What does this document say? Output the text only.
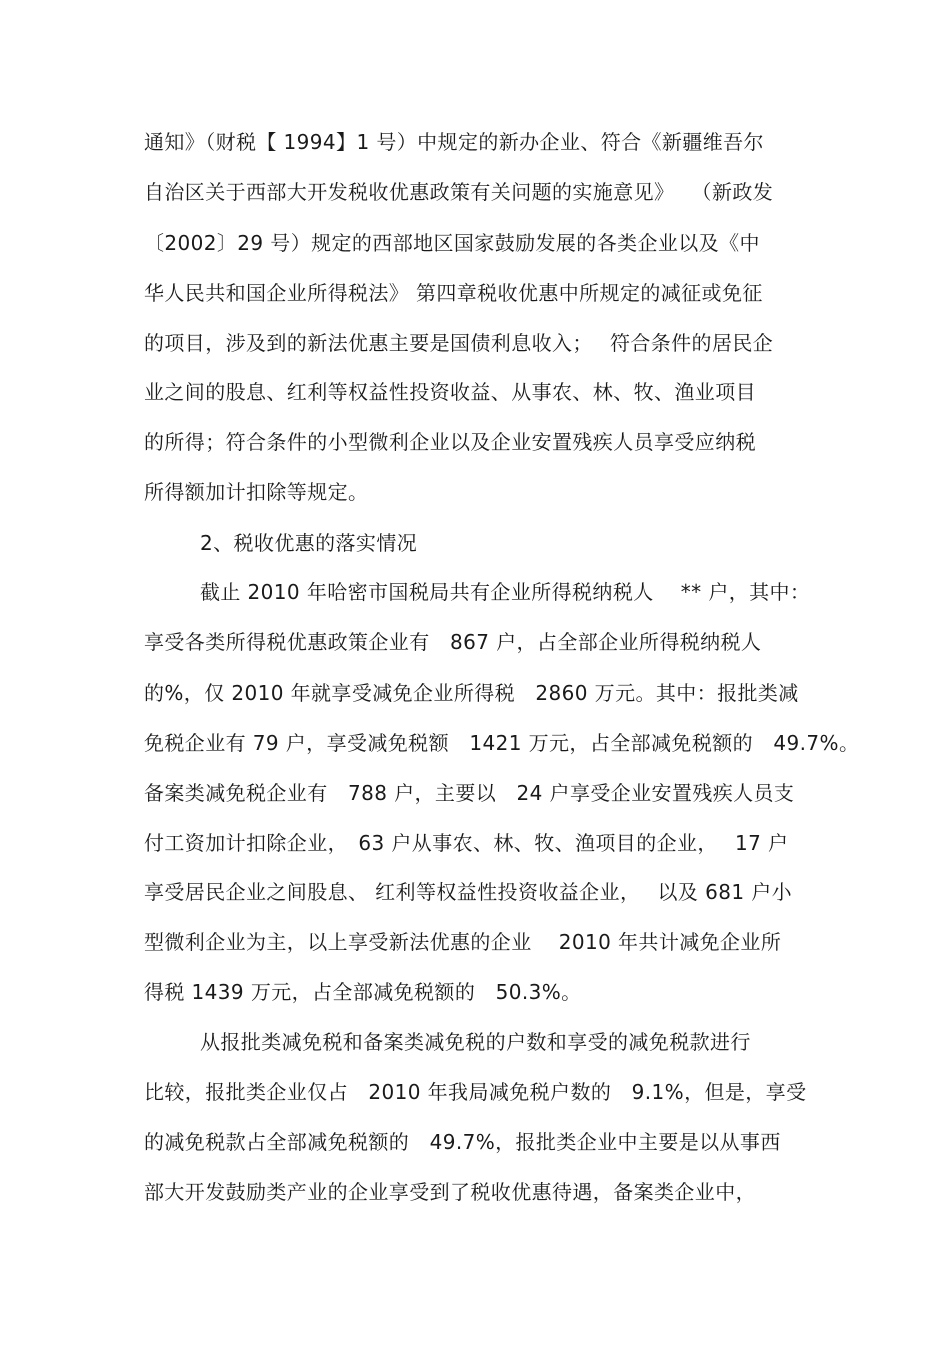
通知》（财税【 1994】1 号）中规定的新办企业、符合《新疆维吾尔
自治区关于西部大开发税收优惠政策有关问题的实施意见》　 （新政发
〔2002〕29 号）规定的西部地区国家鼓励发展的各类企业以及《中
华人民共和国企业所得税法》 第四章税收优惠中所规定的减征或免征
的项目，涉及到的新法优惠主要是国债利息收入；　 符合条件的居民企
业之间的股息、红利等权益性投资收益、从事农、林、牧、渔业项目
的所得；符合条件的小型微利企业以及企业安置残疾人员享受应纳税
所得额加计扣除等规定。
2、税收优惠的落实情况
截止 2010 年哈密市国税局共有企业所得税纳税人　 ** 户，其中：
享受各类所得税优惠政策企业有　867 户，占全部企业所得税纳税人
的%，仅 2010 年就享受减免企业所得税　2860 万元。其中：报批类减
免税企业有 79 户，享受减免税额　1421 万元，占全部减免税额的　49.7%。
备案类减免税企业有　788 户，主要以　24 户享受企业安置残疾人员支
付工资加计扣除企业，　63 户从事农、林、牧、渔项目的企业，　 17 户
享受居民企业之间股息、 红利等权益性投资收益企业，　 以及 681 户小
型微利企业为主，以上享受新法优惠的企业　 2010 年共计减免企业所
得税 1439 万元，占全部减免税额的　50.3%。
从报批类减免税和备案类减免税的户数和享受的减免税款进行
比较，报批类企业仅占　2010 年我局减免税户数的　9.1%，但是，享受
的减免税款占全部减免税额的　49.7%，报批类企业中主要是以从事西
部大开发鼓励类产业的企业享受到了税收优惠待遇，备案类企业中，
